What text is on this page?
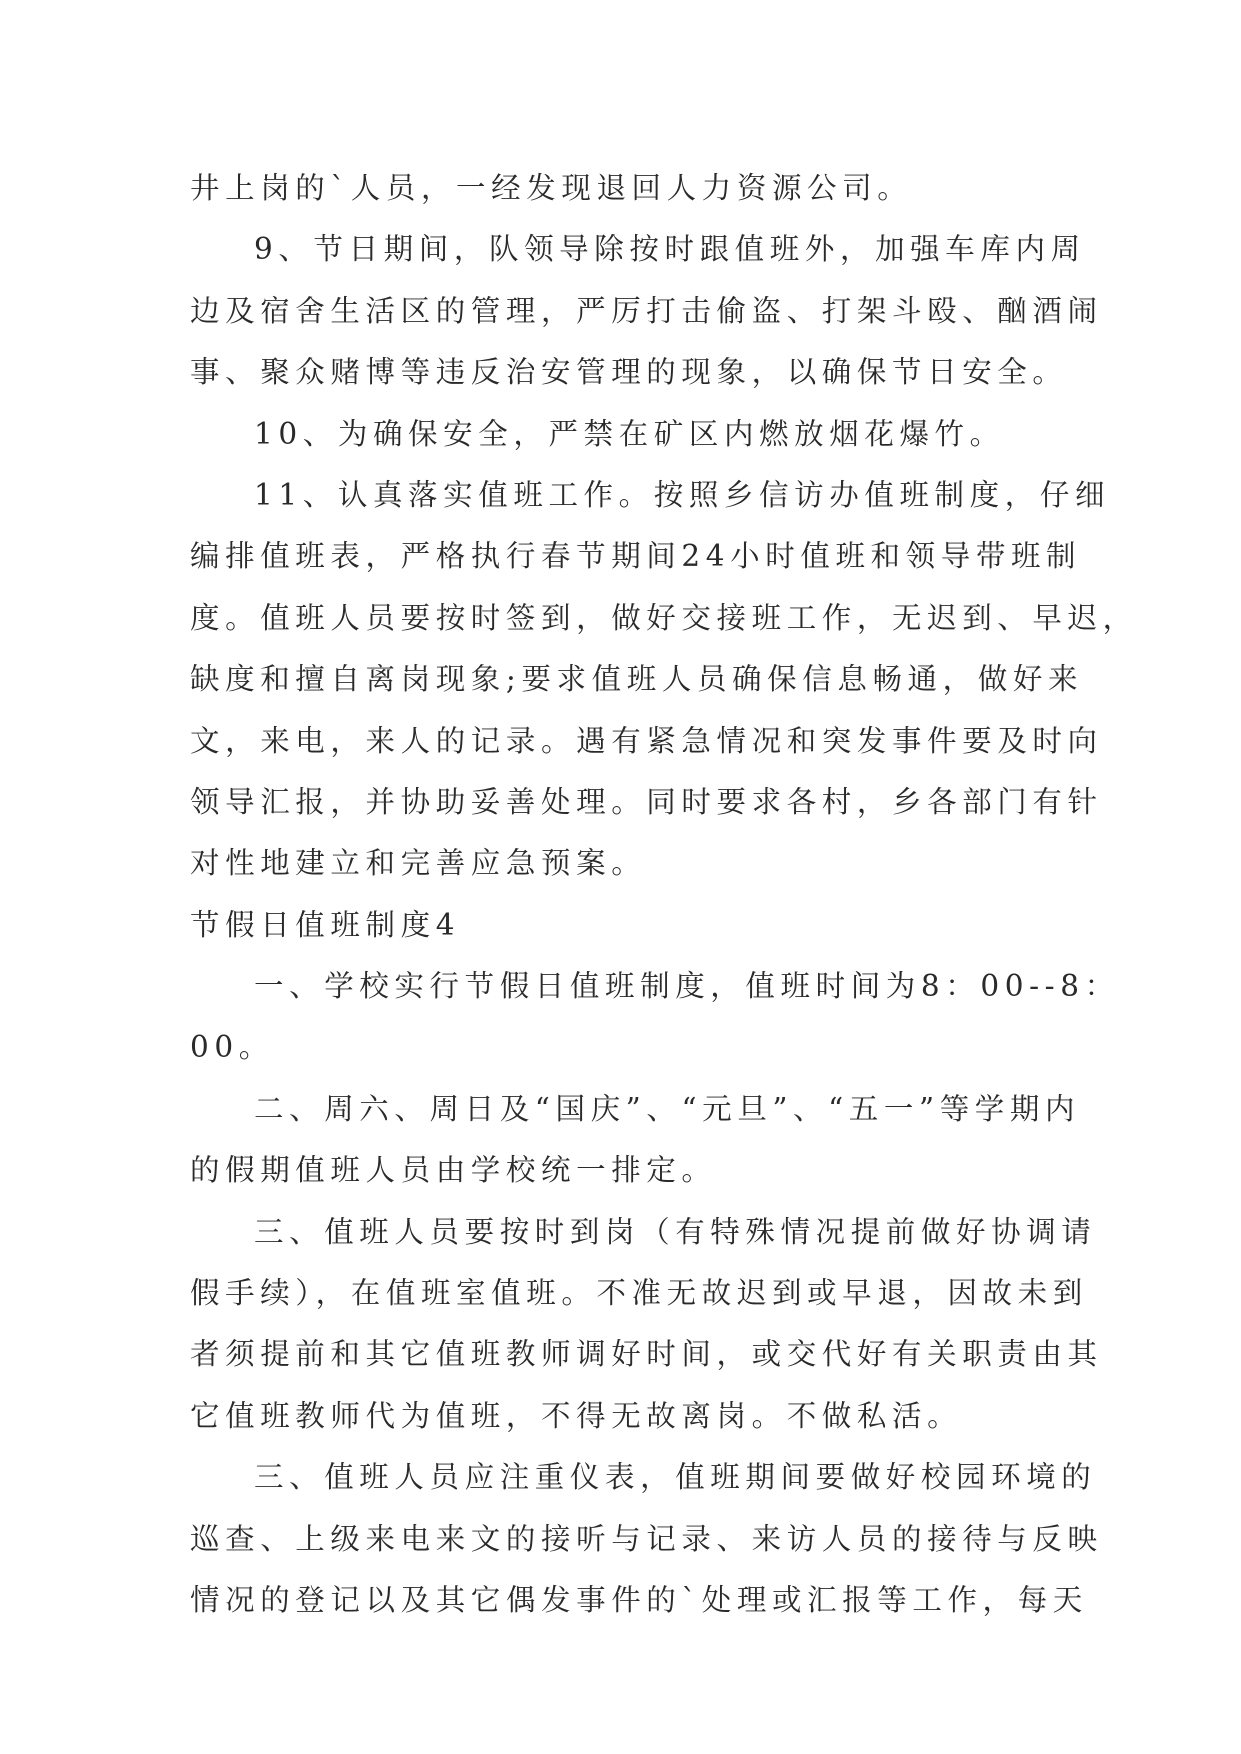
井上岗的`人员，一经发现退回人力资源公司。

9、节日期间，队领导除按时跟值班外，加强车库内周

边及宿舍生活区的管理，严厉打击偷盗、打架斗殴、酗酒闹

事、聚众赌博等违反治安管理的现象，以确保节日安全。

10、为确保安全，严禁在矿区内燃放烟花爆竹。

11、认真落实值班工作。按照乡信访办值班制度，仔细

编排值班表，严格执行春节期间24小时值班和领导带班制

度。值班人员要按时签到，做好交接班工作，无迟到、早迟，

缺度和擅自离岗现象;要求值班人员确保信息畅通，做好来

文，来电，来人的记录。遇有紧急情况和突发事件要及时向

领导汇报，并协助妥善处理。同时要求各村，乡各部门有针

对性地建立和完善应急预案。

节假日值班制度4

一、学校实行节假日值班制度，值班时间为8：00--8：

00。

二、周六、周日及“国庆”、“元旦”、“五一”等学期内

的假期值班人员由学校统一排定。

三、值班人员要按时到岗（有特殊情况提前做好协调请

假手续），在值班室值班。不准无故迟到或早退，因故未到

者须提前和其它值班教师调好时间，或交代好有关职责由其

它值班教师代为值班，不得无故离岗。不做私活。

三、值班人员应注重仪表，值班期间要做好校园环境的

巡查、上级来电来文的接听与记录、来访人员的接待与反映

情况的登记以及其它偶发事件的`处理或汇报等工作，每天
